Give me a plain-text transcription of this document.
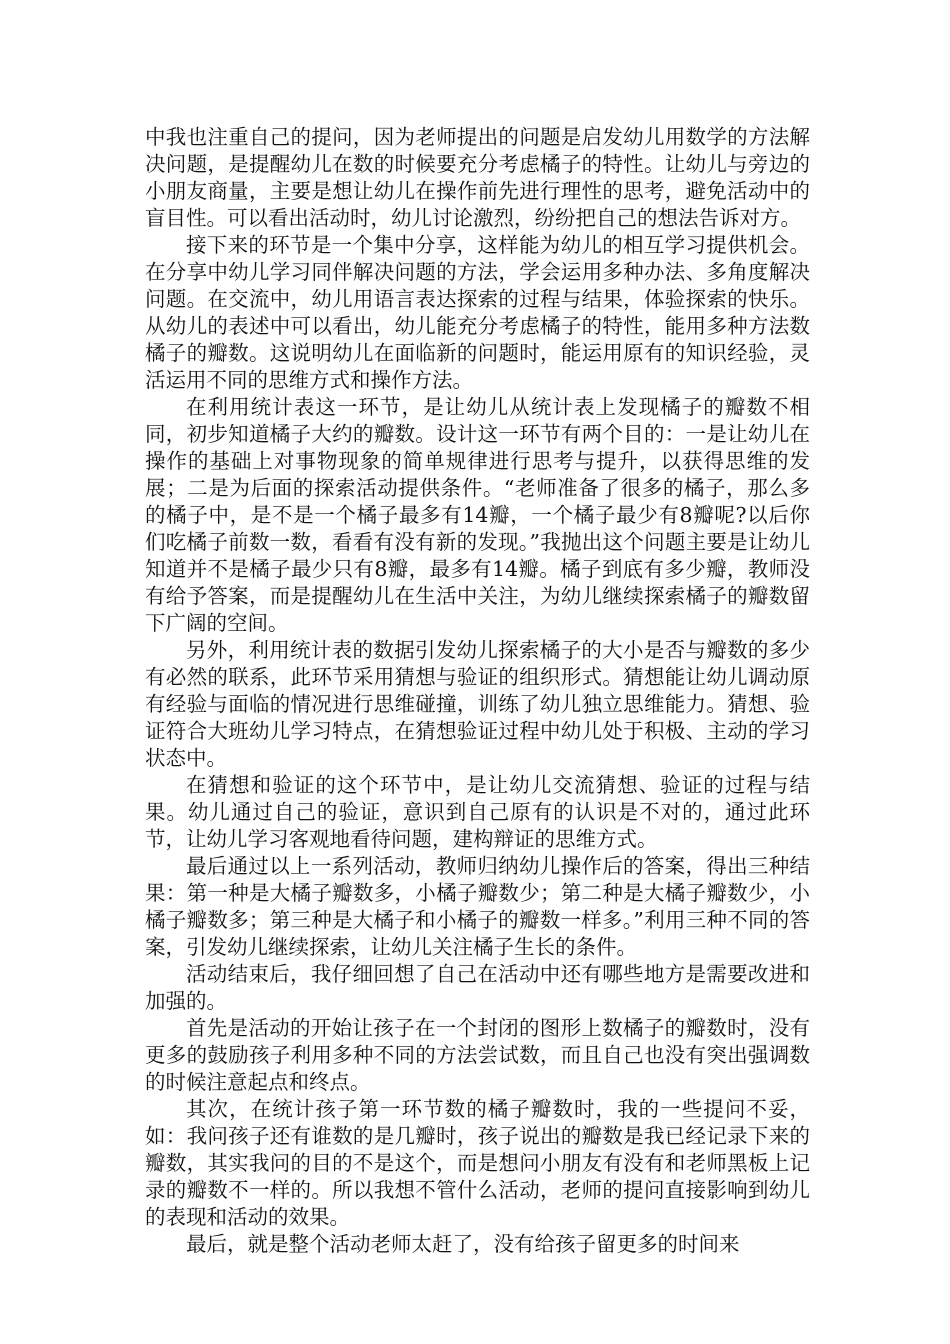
中我也注重自己的提问，因为老师提出的问题是启发幼儿用数学的方法解决问题，是提醒幼儿在数的时候要充分考虑橘子的特性。让幼儿与旁边的小朋友商量，主要是想让幼儿在操作前先进行理性的思考，避免活动中的盲目性。可以看出活动时，幼儿讨论激烈，纷纷把自己的想法告诉对方。

接下来的环节是一个集中分享，这样能为幼儿的相互学习提供机会。在分享中幼儿学习同伴解决问题的方法，学会运用多种办法、多角度解决问题。在交流中，幼儿用语言表达探索的过程与结果，体验探索的快乐。从幼儿的表述中可以看出，幼儿能充分考虑橘子的特性，能用多种方法数橘子的瓣数。这说明幼儿在面临新的问题时，能运用原有的知识经验，灵活运用不同的思维方式和操作方法。

在利用统计表这一环节，是让幼儿从统计表上发现橘子的瓣数不相同，初步知道橘子大约的瓣数。设计这一环节有两个目的：一是让幼儿在操作的基础上对事物现象的简单规律进行思考与提升，以获得思维的发展；二是为后面的探索活动提供条件。“老师准备了很多的橘子，那么多的橘子中，是不是一个橘子最多有14瓣，一个橘子最少有8瓣呢?以后你们吃橘子前数一数，看看有没有新的发现。”我抛出这个问题主要是让幼儿知道并不是橘子最少只有8瓣，最多有14瓣。橘子到底有多少瓣，教师没有给予答案，而是提醒幼儿在生活中关注，为幼儿继续探索橘子的瓣数留下广阔的空间。

另外，利用统计表的数据引发幼儿探索橘子的大小是否与瓣数的多少有必然的联系，此环节采用猜想与验证的组织形式。猜想能让幼儿调动原有经验与面临的情况进行思维碰撞，训练了幼儿独立思维能力。猜想、验证符合大班幼儿学习特点，在猜想验证过程中幼儿处于积极、主动的学习状态中。

在猜想和验证的这个环节中，是让幼儿交流猜想、验证的过程与结果。幼儿通过自己的验证，意识到自己原有的认识是不对的，通过此环节，让幼儿学习客观地看待问题，建构辩证的思维方式。

最后通过以上一系列活动，教师归纳幼儿操作后的答案，得出三种结果：第一种是大橘子瓣数多，小橘子瓣数少；第二种是大橘子瓣数少，小橘子瓣数多；第三种是大橘子和小橘子的瓣数一样多。”利用三种不同的答案，引发幼儿继续探索，让幼儿关注橘子生长的条件。

活动结束后，我仔细回想了自己在活动中还有哪些地方是需要改进和加强的。

首先是活动的开始让孩子在一个封闭的图形上数橘子的瓣数时，没有更多的鼓励孩子利用多种不同的方法尝试数，而且自己也没有突出强调数的时候注意起点和终点。

其次，在统计孩子第一环节数的橘子瓣数时，我的一些提问不妥，如：我问孩子还有谁数的是几瓣时，孩子说出的瓣数是我已经记录下来的瓣数，其实我问的目的不是这个，而是想问小朋友有没有和老师黑板上记录的瓣数不一样的。所以我想不管什么活动，老师的提问直接影响到幼儿的表现和活动的效果。

最后，就是整个活动老师太赶了，没有给孩子留更多的时间来
